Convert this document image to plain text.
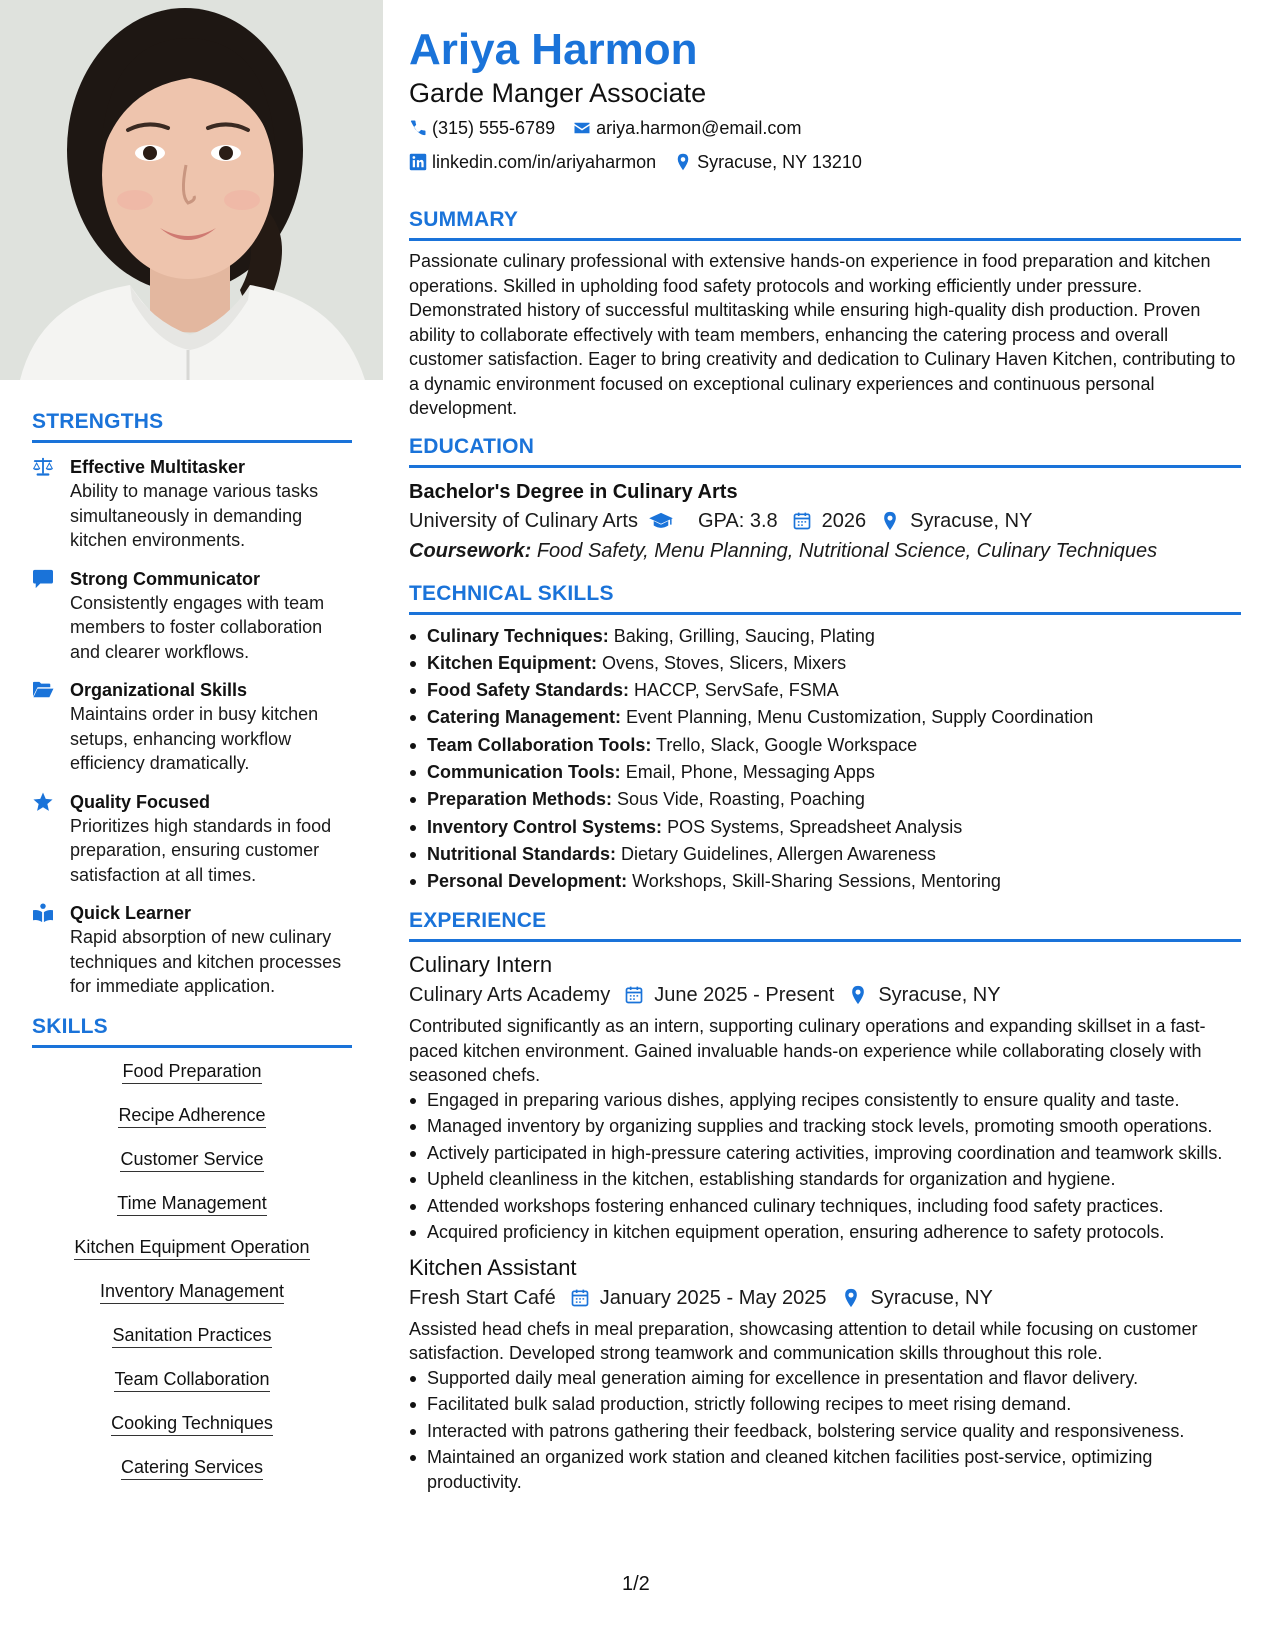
STRENGTHS
Effective Multitasker
Ability to manage various tasks simultaneously in demanding kitchen environments.
Strong Communicator
Consistently engages with team members to foster collaboration and clearer workflows.
Organizational Skills
Maintains order in busy kitchen setups, enhancing workflow efficiency dramatically.
Quality Focused
Prioritizes high standards in food preparation, ensuring customer satisfaction at all times.
Quick Learner
Rapid absorption of new culinary techniques and kitchen processes for immediate application.
SKILLS
Food Preparation
Recipe Adherence
Customer Service
Time Management
Kitchen Equipment Operation
Inventory Management
Sanitation Practices
Team Collaboration
Cooking Techniques
Catering Services
Ariya Harmon
Garde Manger Associate
(315) 555-6789 ariya.harmon@email.com
linkedin.com/in/ariyaharmon Syracuse, NY 13210
SUMMARY
Passionate culinary professional with extensive hands-on experience in food preparation and kitchen operations. Skilled in upholding food safety protocols and working efficiently under pressure. Demonstrated history of successful multitasking while ensuring high-quality dish production. Proven ability to collaborate effectively with team members, enhancing the catering process and overall customer satisfaction. Eager to bring creativity and dedication to Culinary Haven Kitchen, contributing to a dynamic environment focused on exceptional culinary experiences and continuous personal development.
EDUCATION
Bachelor's Degree in Culinary Arts
University of Culinary Arts	GPA: 3.8 2026 Syracuse, NY
Coursework: Food Safety, Menu Planning, Nutritional Science, Culinary Techniques
TECHNICAL SKILLS
Culinary Techniques: Baking, Grilling, Saucing, Plating
Kitchen Equipment: Ovens, Stoves, Slicers, Mixers
Food Safety Standards: HACCP, ServSafe, FSMA
Catering Management: Event Planning, Menu Customization, Supply Coordination
Team Collaboration Tools: Trello, Slack, Google Workspace
Communication Tools: Email, Phone, Messaging Apps
Preparation Methods: Sous Vide, Roasting, Poaching
Inventory Control Systems: POS Systems, Spreadsheet Analysis
Nutritional Standards: Dietary Guidelines, Allergen Awareness
Personal Development: Workshops, Skill-Sharing Sessions, Mentoring
EXPERIENCE
Culinary Intern
Culinary Arts Academy June 2025 - Present Syracuse, NY
Contributed significantly as an intern, supporting culinary operations and expanding skillset in a fast-paced kitchen environment. Gained invaluable hands-on experience while collaborating closely with seasoned chefs.
Engaged in preparing various dishes, applying recipes consistently to ensure quality and taste.
Managed inventory by organizing supplies and tracking stock levels, promoting smooth operations.
Actively participated in high-pressure catering activities, improving coordination and teamwork skills.
Upheld cleanliness in the kitchen, establishing standards for organization and hygiene.
Attended workshops fostering enhanced culinary techniques, including food safety practices.
Acquired proficiency in kitchen equipment operation, ensuring adherence to safety protocols.
Kitchen Assistant
Fresh Start Café January 2025 - May 2025 Syracuse, NY
Assisted head chefs in meal preparation, showcasing attention to detail while focusing on customer satisfaction. Developed strong teamwork and communication skills throughout this role.
Supported daily meal generation aiming for excellence in presentation and flavor delivery.
Facilitated bulk salad production, strictly following recipes to meet rising demand.
Interacted with patrons gathering their feedback, bolstering service quality and responsiveness.
Maintained an organized work station and cleaned kitchen facilities post-service, optimizing productivity.
1/2
